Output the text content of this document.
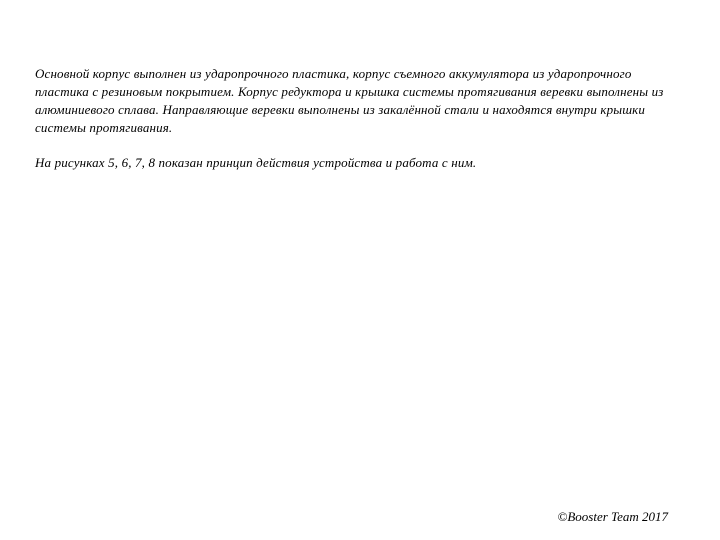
Основной корпус выполнен из ударопрочного пластика, корпус съемного аккумулятора из ударопрочного пластика с резиновым покрытием. Корпус редуктора и крышка системы протягивания веревки выполнены из алюминиевого сплава. Направляющие веревки выполнены из закалённой стали и находятся внутри крышки системы протягивания.

На рисунках 5, 6, 7, 8 показан принцип действия устройства и работа с ним.

©Booster Team 2017
